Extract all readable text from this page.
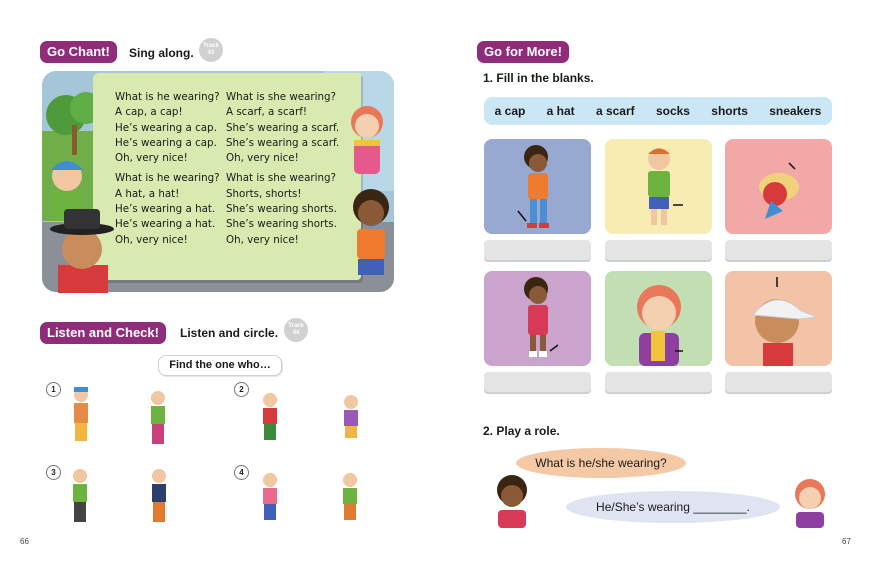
Go Chant!	Sing along.	Track
43
What is he wearing?
A cap, a cap!
He’s wearing a cap.
He’s wearing a cap.
Oh, very nice!
What is he wearing?
A hat, a hat!
He’s wearing a hat.
He’s wearing a hat.
Oh, very nice!
What is she wearing?
A scarf, a scarf!
She’s wearing a scarf.
She’s wearing a scarf.
Oh, very nice!
What is she wearing?
Shorts, shorts!
She’s wearing shorts.
She’s wearing shorts.
Oh, very nice!
Listen and Check!	Listen and circle.	Track
44
Find the one who…
1	2
3	4
66
Go for More!
1. Fill in the blanks.
a cap a hat a scarf socks shorts sneakers
2. Play a role.
What is he/she wearing?
He/She’s wearing ________.
67
